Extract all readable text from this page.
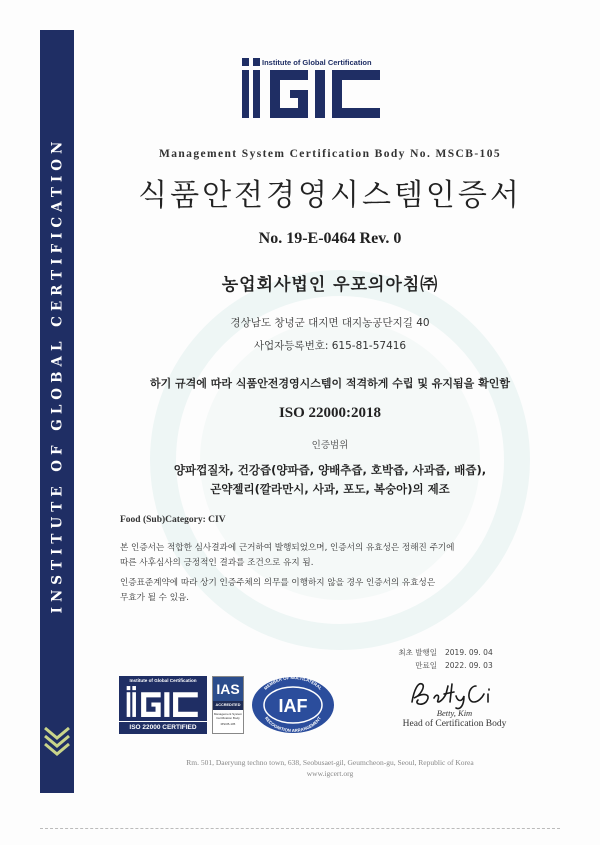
INSTITUTE OF GLOBAL CERTIFICATION
Institute of Global Certification
Management System Certification Body No. MSCB-105
식품안전경영시스템인증서
No. 19-E-0464 Rev. 0
농업회사법인 우포의아침㈜
경상남도 창녕군 대지면 대지농공단지길 40
사업자등록번호: 615-81-57416
하기 규격에 따라 식품안전경영시스템이 적격하게 수립 및 유지됨을 확인함
ISO 22000:2018
인증범위
양파껍질차, 건강즙(양파즙, 양배추즙, 호박즙, 사과즙, 배즙),
곤약젤리(깔라만시, 사과, 포도, 복숭아)의 제조
Food (Sub)Category: CIV
본 인증서는 적합한 심사결과에 근거하여 발행되었으며, 인증서의 유효성은 정해진 주기에
따른 사후심사의 긍정적인 결과를 조건으로 유지 됨.
인증표준계약에 따라 상기 인증주체의 의무를 이행하지 않을 경우 인증서의 유효성은
무효가 될 수 있음.
최초 발행일 2019. 09. 04
만료일 2022. 09. 03
Institute of Global Certification
ISO 22000 CERTIFIED
IAS
ACCREDITED
Management System Certification Body
MSCB-105
MEMBER OF MULTILATERAL
RECOGNITION ARRANGEMENT
IAF	Betty, Kim
Head of Certification Body
Rm. 501, Daeryung techno town, 638, Seobusaet-gil, Geumcheon-gu, Seoul, Republic of Korea
www.igcert.org
